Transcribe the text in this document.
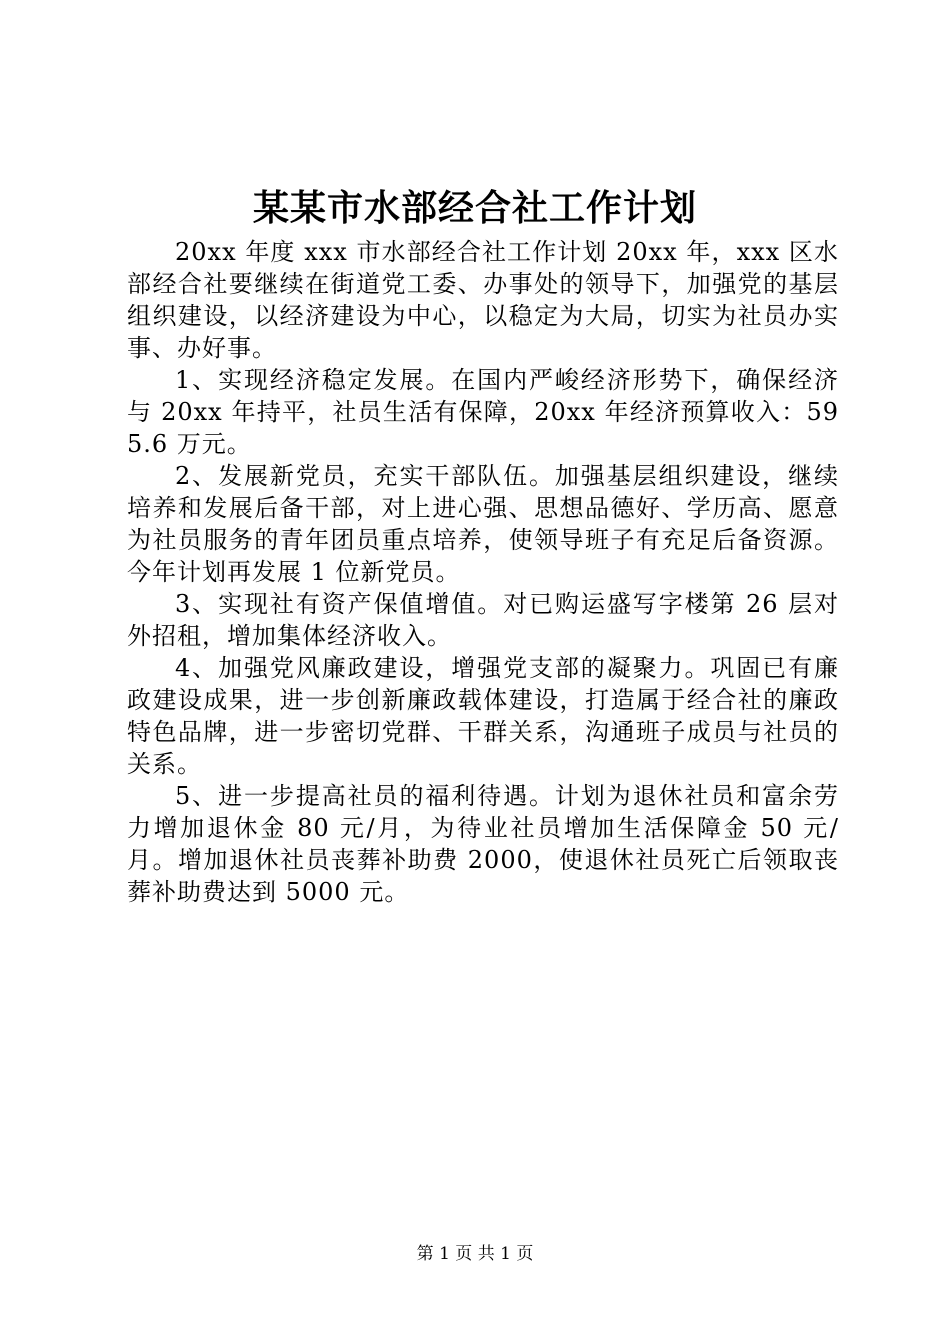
某某市水部经合社工作计划

20xx 年度 xxx 市水部经合社工作计划 20xx 年，xxx 区水部经合社要继续在街道党工委、办事处的领导下，加强党的基层组织建设，以经济建设为中心，以稳定为大局，切实为社员办实事、办好事。

1、实现经济稳定发展。在国内严峻经济形势下，确保经济与 20xx 年持平，社员生活有保障，20xx 年经济预算收入：595.6 万元。

2、发展新党员，充实干部队伍。加强基层组织建设，继续培养和发展后备干部，对上进心强、思想品德好、学历高、愿意为社员服务的青年团员重点培养，使领导班子有充足后备资源。今年计划再发展 1 位新党员。

3、实现社有资产保值增值。对已购运盛写字楼第 26 层对外招租，增加集体经济收入。

4、加强党风廉政建设，增强党支部的凝聚力。巩固已有廉政建设成果，进一步创新廉政载体建设，打造属于经合社的廉政特色品牌，进一步密切党群、干群关系，沟通班子成员与社员的关系。

5、进一步提高社员的福利待遇。计划为退休社员和富余劳力增加退休金 80 元/月，为待业社员增加生活保障金 50 元/月。增加退休社员丧葬补助费 2000，使退休社员死亡后领取丧葬补助费达到 5000 元。

第 1 页 共 1 页
